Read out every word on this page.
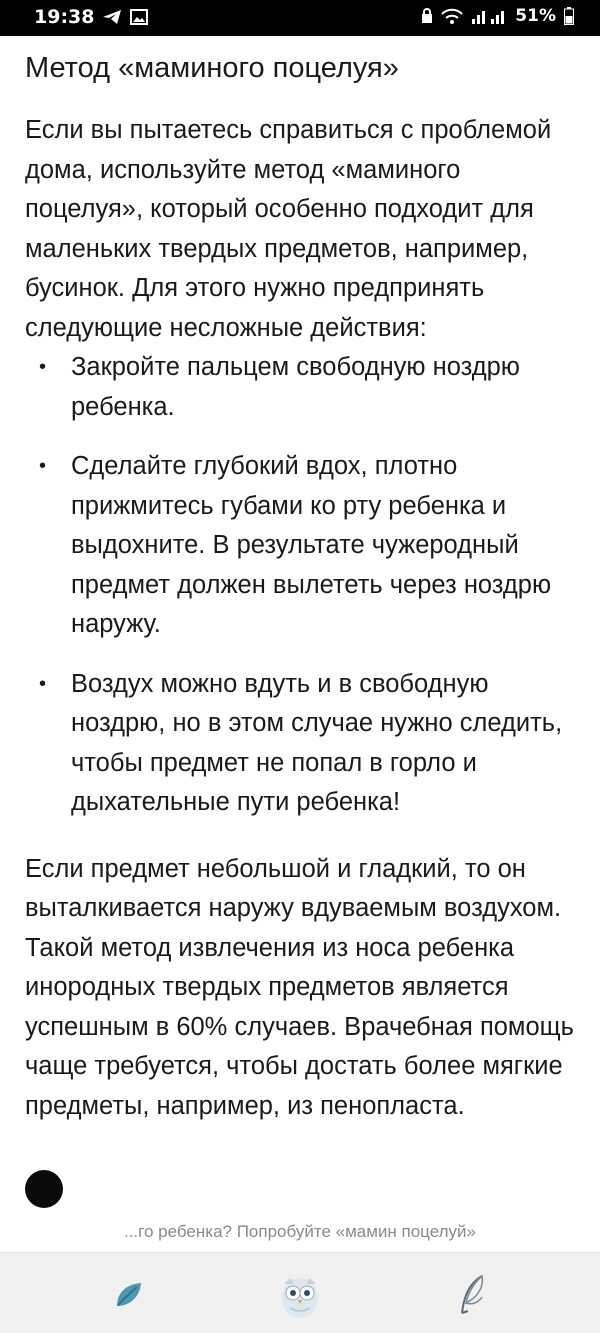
19:38	51%
Метод «маминого поцелуя»

Если вы пытаетесь справиться с проблемой дома, используйте метод «маминого поцелуя», который особенно подходит для маленьких твердых предметов, например, бусинок. Для этого нужно предпринять следующие несложные действия:

• Закройте пальцем свободную ноздрю ребенка.
• Сделайте глубокий вдох, плотно прижмитесь губами ко рту ребенка и выдохните. В результате чужеродный предмет должен вылететь через ноздрю наружу.
• Воздух можно вдуть и в свободную ноздрю, но в этом случае нужно следить, чтобы предмет не попал в горло и дыхательные пути ребенка!

Если предмет небольшой и гладкий, то он выталкивается наружу вдуваемым воздухом. Такой метод извлечения из носа ребенка инородных твердых предметов является успешным в 60% случаев. Врачебная помощь чаще требуется, чтобы достать более мягкие предметы, например, из пенопласта.

...го ребенка? Попробуйте «мамин поцелуй»
